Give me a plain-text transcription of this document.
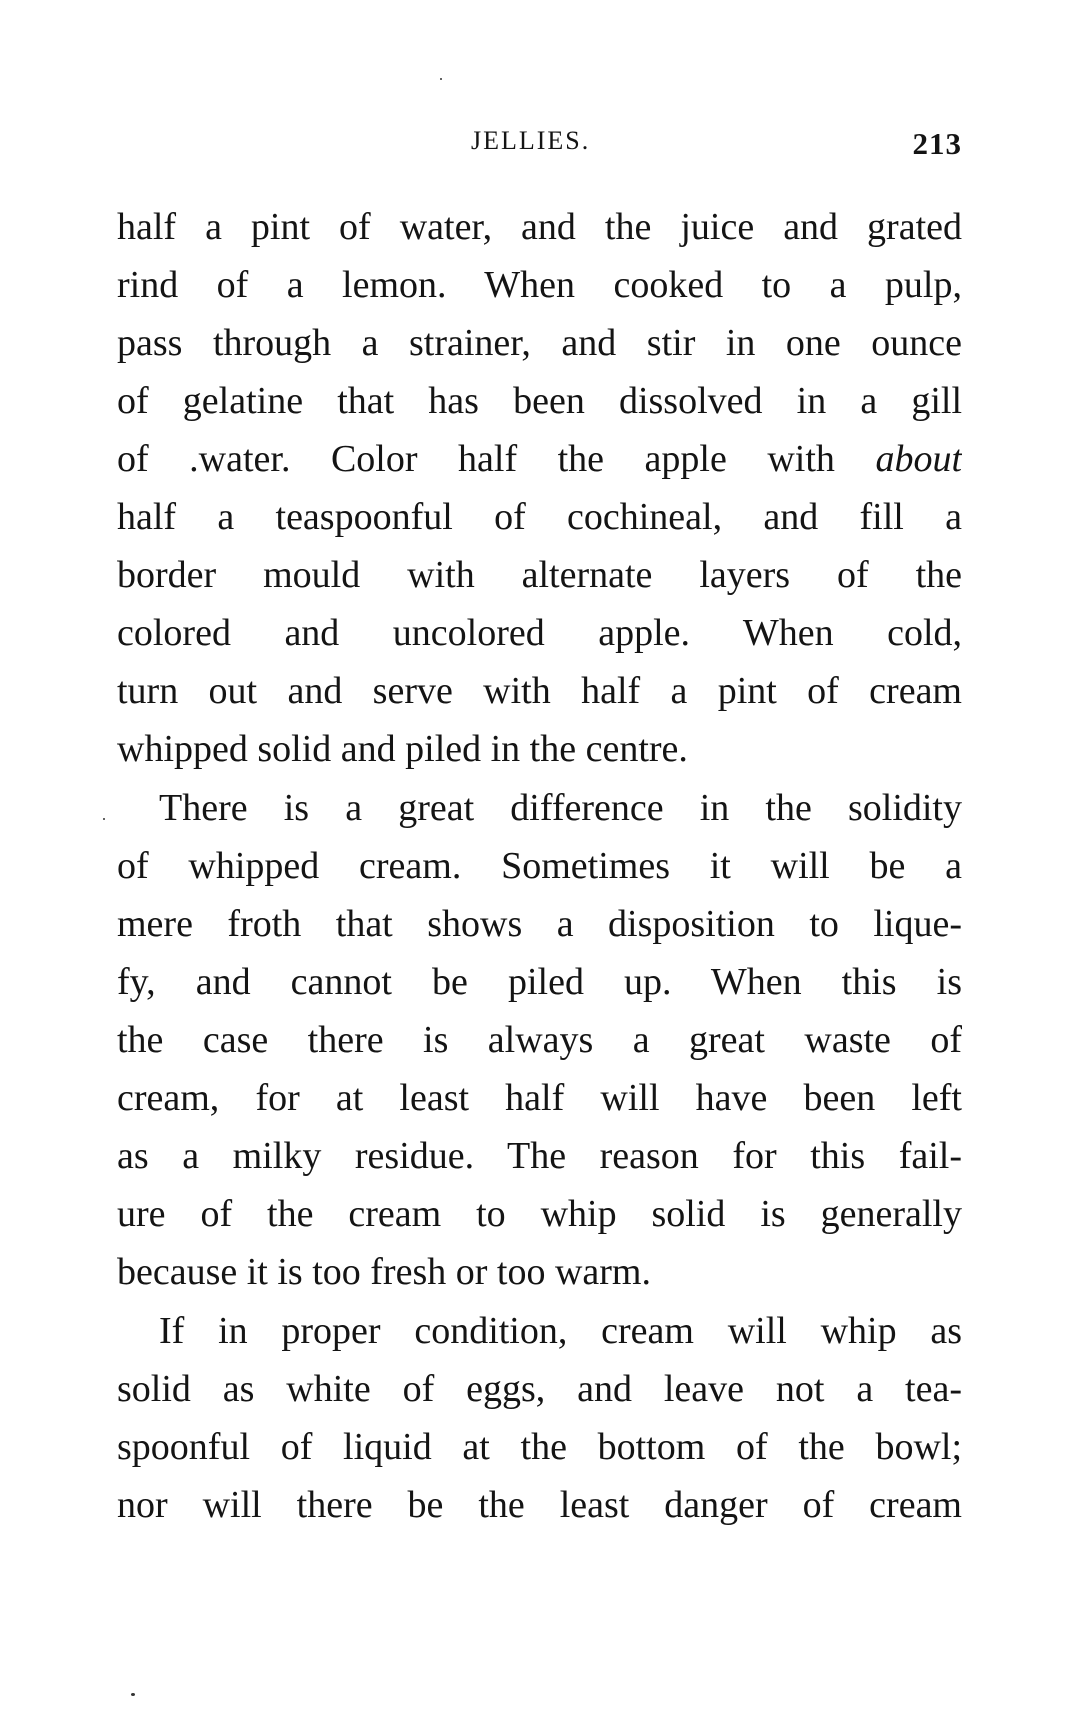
JELLIES.	213
half a pint of water, and the juice and grated
rind of a lemon. When cooked to a pulp,
pass through a strainer, and stir in one ounce
of gelatine that has been dissolved in a gill
of .water. Color half the apple with about
half a teaspoonful of cochineal, and fill a
border mould with alternate layers of the
colored and uncolored apple. When cold,
turn out and serve with half a pint of cream
whipped solid and piled in the centre.
There is a great difference in the solidity
of whipped cream. Sometimes it will be a
mere froth that shows a disposition to lique-
fy, and cannot be piled up. When this is
the case there is always a great waste of
cream, for at least half will have been left
as a milky residue. The reason for this fail-
ure of the cream to whip solid is generally
because it is too fresh or too warm.
If in proper condition, cream will whip as
solid as white of eggs, and leave not a tea-
spoonful of liquid at the bottom of the bowl;
nor will there be the least danger of cream
